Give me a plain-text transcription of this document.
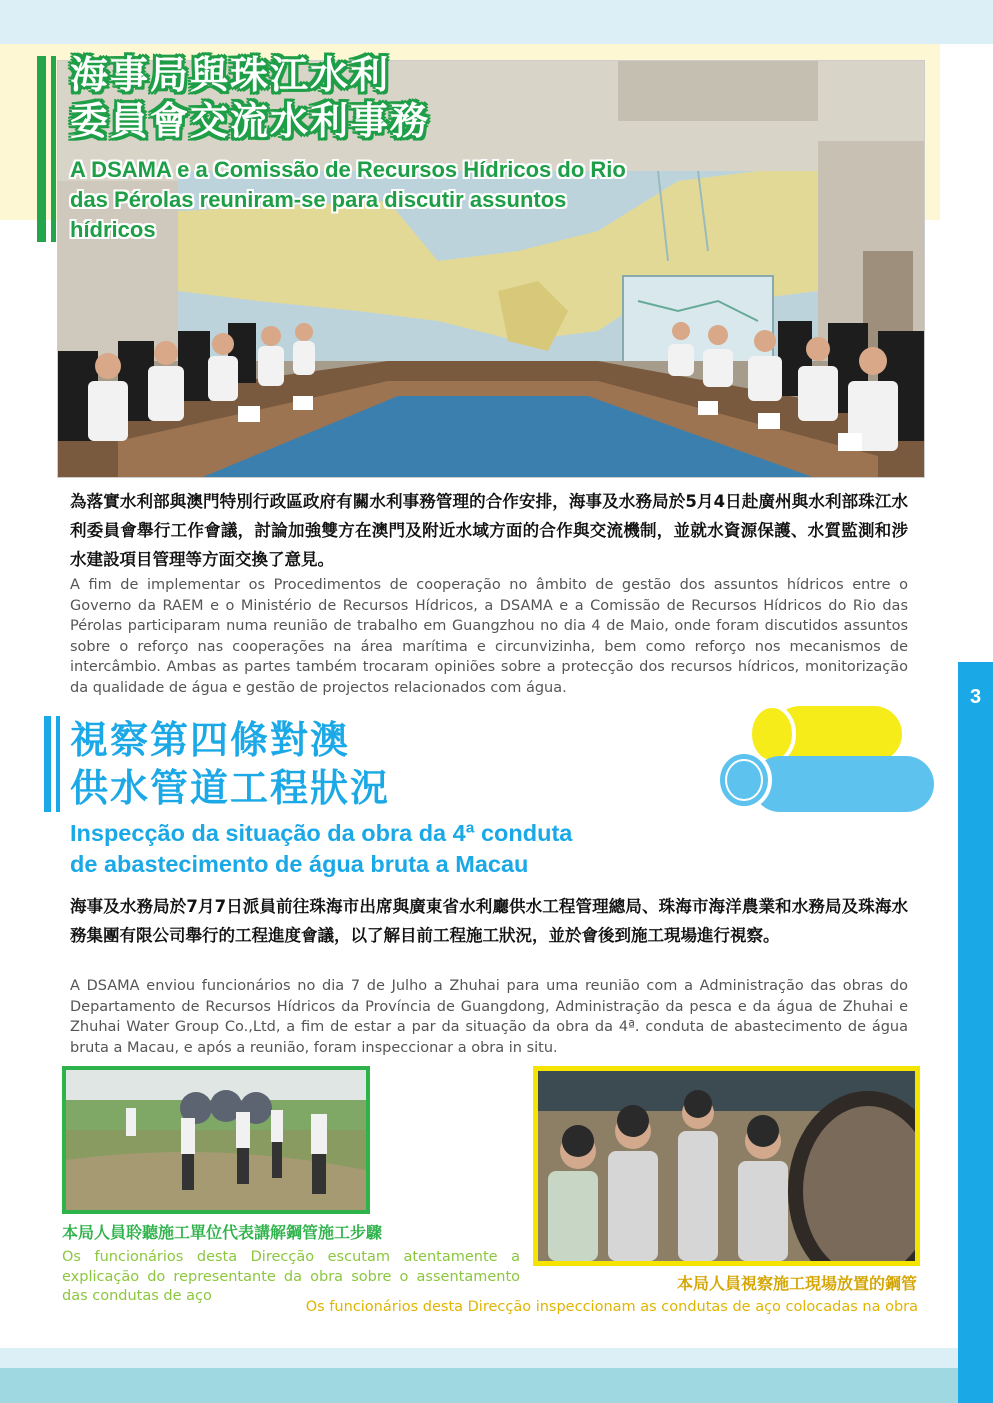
3
海事局與珠江水利
委員會交流水利事務
A DSAMA e a Comissão de Recursos Hídricos do Rio das Pérolas reuniram-se para discutir assuntos hídricos
為落實水利部與澳門特別行政區政府有關水利事務管理的合作安排，海事及水務局於5月4日赴廣州與水利部珠江水利委員會舉行工作會議，討論加強雙方在澳門及附近水域方面的合作與交流機制，並就水資源保護、水質監測和涉水建設項目管理等方面交換了意見。
A fim de implementar os Procedimentos de cooperação no âmbito de gestão dos assuntos hídricos entre o Governo da RAEM e o Ministério de Recursos Hídricos, a DSAMA e a Comissão de Recursos Hídricos do Rio das Pérolas participaram numa reunião de trabalho em Guangzhou no dia 4 de Maio, onde foram discutidos assuntos sobre o reforço nas cooperações na área marítima e circunvizinha, bem como reforço nos mecanismos de intercâmbio. Ambas as partes também trocaram opiniões sobre a protecção dos recursos hídricos, monitorização da qualidade de água e gestão de projectos relacionados com água.
視察第四條對澳
供水管道工程狀況
Inspecção da situação da obra da 4ª conduta
de abastecimento de água bruta a Macau
海事及水務局於7月7日派員前往珠海市出席與廣東省水利廳供水工程管理總局、珠海市海洋農業和水務局及珠海水務集團有限公司舉行的工程進度會議，以了解目前工程施工狀況，並於會後到施工現場進行視察。
A DSAMA enviou funcionários no dia 7 de Julho a Zhuhai para uma reunião com a Administração das obras do Departamento de Recursos Hídricos da Província de Guangdong, Administração da pesca e da água de Zhuhai e Zhuhai Water Group Co.,Ltd, a fim de estar a par da situação da obra da 4ª. conduta de abastecimento de água bruta a Macau, e após a reunião, foram inspeccionar a obra in situ.
本局人員聆聽施工單位代表講解鋼管施工步驟
Os funcionários desta Direcção escutam atentamente a explicação do representante da obra sobre o assentamento das condutas de aço
本局人員視察施工現場放置的鋼管
Os funcionários desta Direcção inspeccionam as condutas de aço colocadas na obra
